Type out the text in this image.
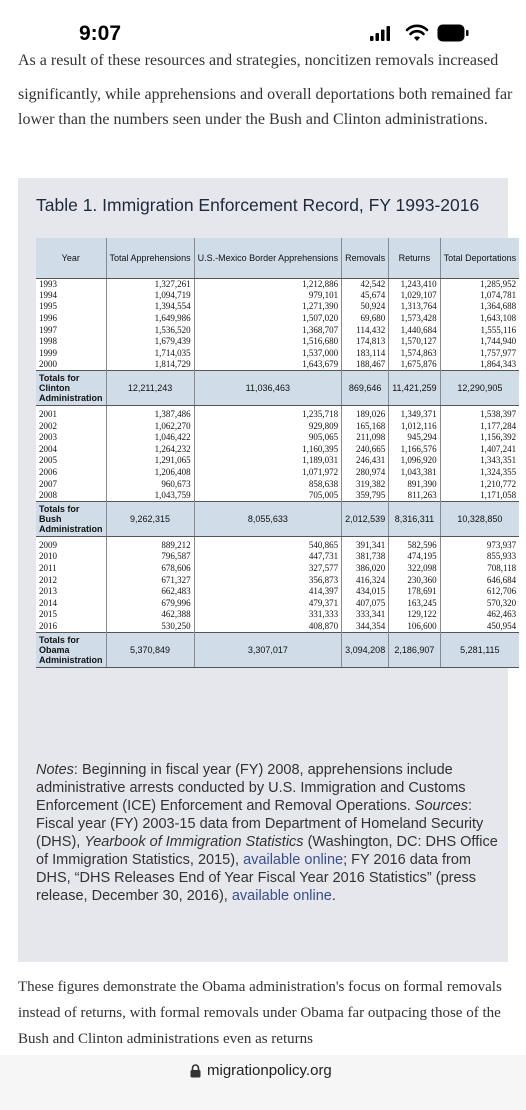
9:07
As a result of these resources and strategies, noncitizen removals increased

significantly, while apprehensions and overall deportations both remained far lower than the numbers seen under the Bush and Clinton administrations.

Table 1. Immigration Enforcement Record, FY 1993-2016
Year	Total Apprehensions	U.S.-Mexico Border Apprehensions	Removals	Returns	Total Deportations
1993	1,327,261	1,212,886	42,542	1,243,410	1,285,952
1994	1,094,719	979,101	45,674	1,029,107	1,074,781
1995	1,394,554	1,271,390	50,924	1,313,764	1,364,688
1996	1,649,986	1,507,020	69,680	1,573,428	1,643,108
1997	1,536,520	1,368,707	114,432	1,440,684	1,555,116
1998	1,679,439	1,516,680	174,813	1,570,127	1,744,940
1999	1,714,035	1,537,000	183,114	1,574,863	1,757,977
2000	1,814,729	1,643,679	188,467	1,675,876	1,864,343
Totals for Clinton Administration	12,211,243	11,036,463	869,646	11,421,259	12,290,905

2001	1,387,486	1,235,718	189,026	1,349,371	1,538,397
2002	1,062,270	929,809	165,168	1,012,116	1,177,284
2003	1,046,422	905,065	211,098	945,294	1,156,392
2004	1,264,232	1,160,395	240,665	1,166,576	1,407,241
2005	1,291,065	1,189,031	246,431	1,096,920	1,343,351
2006	1,206,408	1,071,972	280,974	1,043,381	1,324,355
2007	960,673	858,638	319,382	891,390	1,210,772
2008	1,043,759	705,005	359,795	811,263	1,171,058
Totals for Bush Administration	9,262,315	8,055,633	2,012,539	8,316,311	10,328,850

2009	889,212	540,865	391,341	582,596	973,937
2010	796,587	447,731	381,738	474,195	855,933
2011	678,606	327,577	386,020	322,098	708,118
2012	671,327	356,873	416,324	230,360	646,684
2013	662,483	414,397	434,015	178,691	612,706
2014	679,996	479,371	407,075	163,245	570,320
2015	462,388	331,333	333,341	129,122	462,463
2016	530,250	408,870	344,354	106,600	450,954
Totals for Obama Administration	5,370,849	3,307,017	3,094,208	2,186,907	5,281,115
Notes: Beginning in fiscal year (FY) 2008, apprehensions include administrative arrests conducted by U.S. Immigration and Customs Enforcement (ICE) Enforcement and Removal Operations. Sources: Fiscal year (FY) 2003-15 data from Department of Homeland Security (DHS), Yearbook of Immigration Statistics (Washington, DC: DHS Office of Immigration Statistics, 2015), available online; FY 2016 data from DHS, “DHS Releases End of Year Fiscal Year 2016 Statistics” (press release, December 30, 2016), available online.

These figures demonstrate the Obama administration's focus on formal removals instead of returns, with formal removals under Obama far outpacing those of the Bush and Clinton administrations even as returns

migrationpolicy.org
